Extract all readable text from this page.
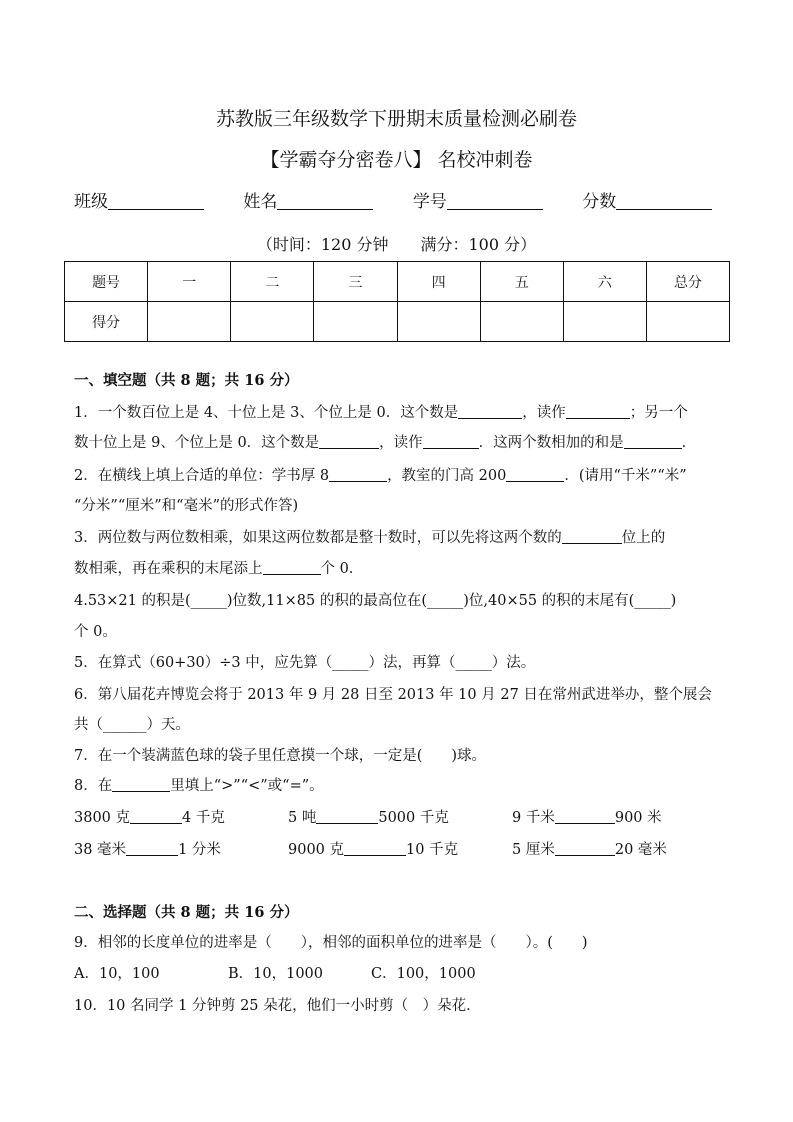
苏教版三年级数学下册期末质量检测必刷卷
【学霸夺分密卷八】 名校冲刺卷
班级	姓名	学号	分数
（时间：120 分钟　　满分：100 分）
题号	一	二	三	四	五	六	总分
得分							
一、填空题（共 8 题；共 16 分）
1．一个数百位上是 4、十位上是 3、个位上是 0．这个数是	，读作	；另一个
数十位上是 9、个位上是 0．这个数是	，读作	．这两个数相加的和是	．
2．在横线上填上合适的单位：学书厚 8	，教室的门高 200	．(请用“千米”“米”
“分米”“厘米”和“毫米”的形式作答)
3．两位数与两位数相乘，如果这两位数都是整十数时，可以先将这两个数的	位上的
数相乘，再在乘积的末尾添上	个 0．
4.53×21 的积是(_____)位数,11×85 的积的最高位在(_____)位,40×55 的积的末尾有(_____)
个 0。
5．在算式（60+30）÷3 中，应先算（_____）法，再算（_____）法。
6．第八届花卉博览会将于 2013 年 9 月 28 日至 2013 年 10 月 27 日在常州武进举办，整个展会
共（______）天。
7．在一个装满蓝色球的袋子里任意摸一个球，一定是(　　)球。
8．在	里填上“>”“<”或“=”。
3800 克	4 千克	5 吨	5000 千克	9 千米	900 米
38 毫米	1 分米	9000 克	10 千克	5 厘米	20 毫米
二、选择题（共 8 题；共 16 分）
9．相邻的长度单位的进率是（　　），相邻的面积单位的进率是（　　）。(　　)
A．10，100	B．10，1000	C．100，1000
10．10 名同学 1 分钟剪 25 朵花，他们一小时剪（　）朵花．
